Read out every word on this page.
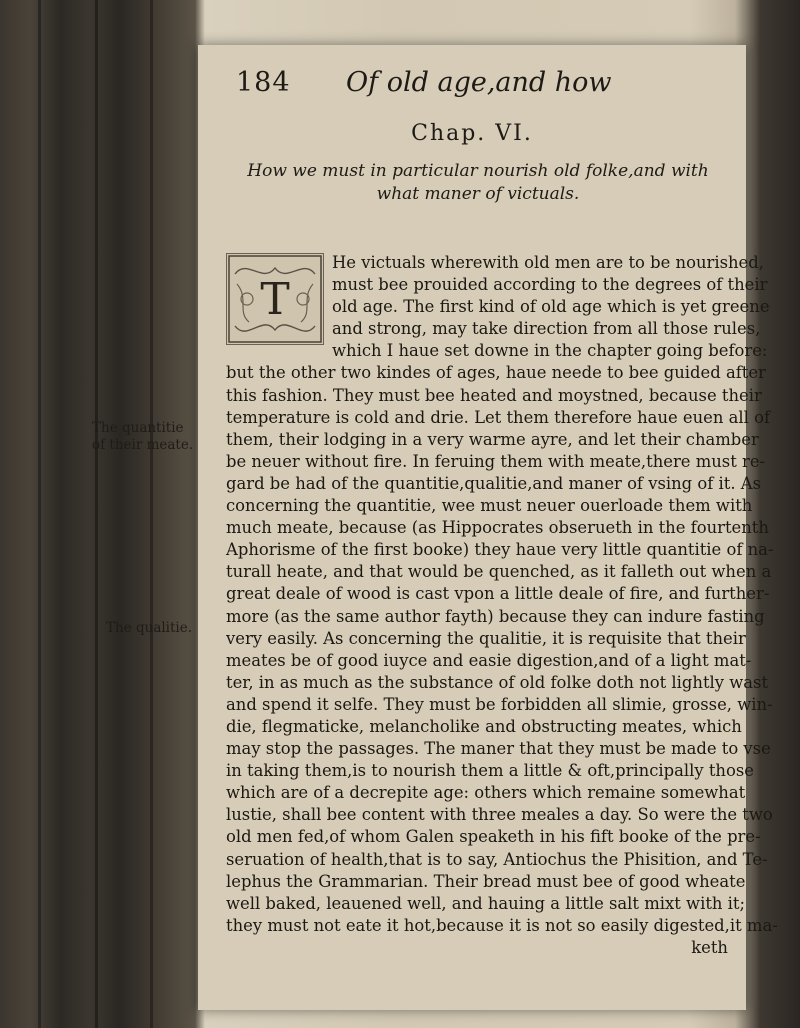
184 Of old age,and how
Chap. VI.
How we must in particular nourish old folke,and with
what maner of victuals.
T
He victuals wherewith old men are to be nourished,
must bee prouided according to the degrees of their
old age. The first kind of old age which is yet greene
and strong, may take direction from all those rules,
which I haue set downe in the chapter going before:
but the other two kindes of ages, haue neede to bee guided after
this fashion. They must bee heated and moystned, because their
temperature is cold and drie. Let them therefore haue euen all of
them, their lodging in a very warme ayre, and let their chamber
be neuer without fire. In feruing them with meate,there must re-
gard be had of the quantitie,qualitie,and maner of vsing of it. As
concerning the quantitie, wee must neuer ouerloade them with
much meate, because (as Hippocrates obserueth in the fourtenth
Aphorisme of the first booke) they haue very little quantitie of na-
turall heate, and that would be quenched, as it falleth out when a
great deale of wood is cast vpon a little deale of fire, and further-
more (as the same author fayth) because they can indure fasting
very easily. As concerning the qualitie, it is requisite that their
meates be of good iuyce and easie digestion,and of a light mat-
ter, in as much as the substance of old folke doth not lightly wast
and spend it selfe. They must be forbidden all slimie, grosse, win-
die, flegmaticke, melancholike and obstructing meates, which
may stop the passages. The maner that they must be made to vse
in taking them,is to nourish them a little & oft,principally those
which are of a decrepite age: others which remaine somewhat
lustie, shall bee content with three meales a day. So were the two
old men fed,of whom Galen speaketh in his fift booke of the pre-
seruation of health,that is to say, Antiochus the Phisition, and Te-
lephus the Grammarian. Their bread must bee of good wheate
well baked, leauened well, and hauing a little salt mixt with it;
they must not eate it hot,because it is not so easily digested,it ma-
keth
The quantitie
of their meate.
The qualitie.
